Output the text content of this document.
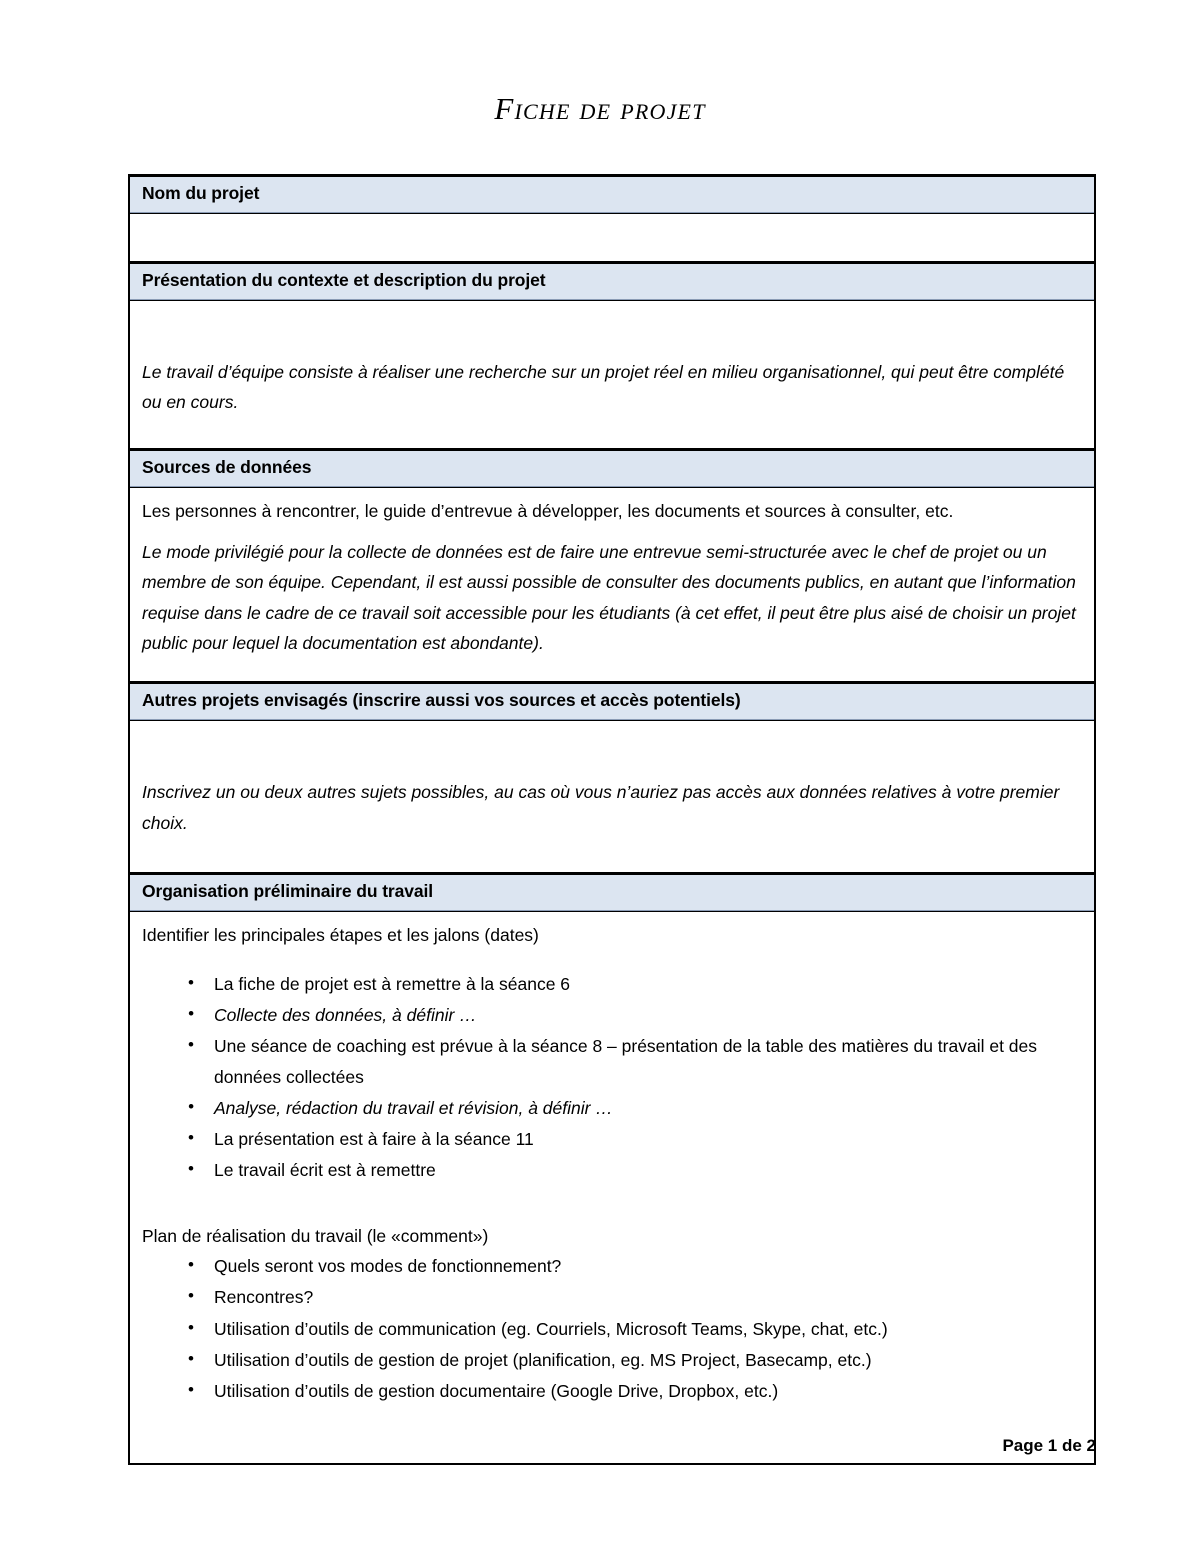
Fiche de projet
Nom du projet

Présentation du contexte et description du projet

Le travail d’équipe consiste à réaliser une recherche sur un projet réel en milieu organisationnel, qui peut être complété ou en cours.

Sources de données

Les personnes à rencontrer, le guide d’entrevue à développer, les documents et sources à consulter, etc.

Le mode privilégié pour la collecte de données est de faire une entrevue semi-structurée avec le chef de projet ou un membre de son équipe. Cependant, il est aussi possible de consulter des documents publics, en autant que l’information requise dans le cadre de ce travail soit accessible pour les étudiants (à cet effet, il peut être plus aisé de choisir un projet public pour lequel la documentation est abondante).

Autres projets envisagés (inscrire aussi vos sources et accès potentiels)

Inscrivez un ou deux autres sujets possibles, au cas où vous n’auriez pas accès aux données relatives à votre premier choix.

Organisation préliminaire du travail

Identifier les principales étapes et les jalons (dates)

• La fiche de projet est à remettre à la séance 6
• Collecte des données, à définir …
• Une séance de coaching est prévue à la séance 8 – présentation de la table des matières du travail et des données collectées
• Analyse, rédaction du travail et révision, à définir …
• La présentation est à faire à la séance 11
• Le travail écrit est à remettre

Plan de réalisation du travail (le «comment»)

• Quels seront vos modes de fonctionnement?
• Rencontres?
• Utilisation d’outils de communication (eg. Courriels, Microsoft Teams, Skype, chat, etc.)
• Utilisation d’outils de gestion de projet (planification, eg. MS Project, Basecamp, etc.)
• Utilisation d’outils de gestion documentaire (Google Drive, Dropbox, etc.)
Page 1 de 2
